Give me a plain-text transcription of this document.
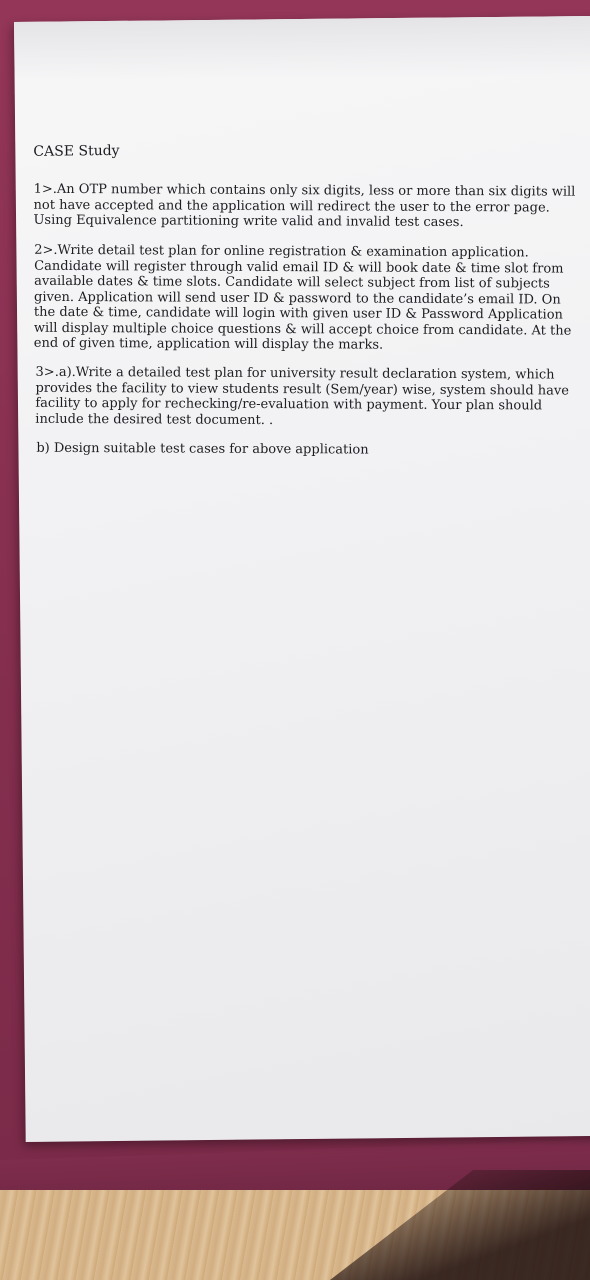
CASE Study

1>.An OTP number which contains only six digits, less or more than six digits will not have accepted and the application will redirect the user to the error page. Using Equivalence partitioning write valid and invalid test cases.

2>.Write detail test plan for online registration & examination application. Candidate will register through valid email ID & will book date & time slot from available dates & time slots. Candidate will select subject from list of subjects given. Application will send user ID & password to the candidate’s email ID. On the date & time, candidate will login with given user ID & Password Application will display multiple choice questions & will accept choice from candidate. At the end of given time, application will display the marks.

3>.a).Write a detailed test plan for university result declaration system, which provides the facility to view students result (Sem/year) wise, system should have facility to apply for rechecking/re-evaluation with payment. Your plan should include the desired test document. .

b) Design suitable test cases for above application
